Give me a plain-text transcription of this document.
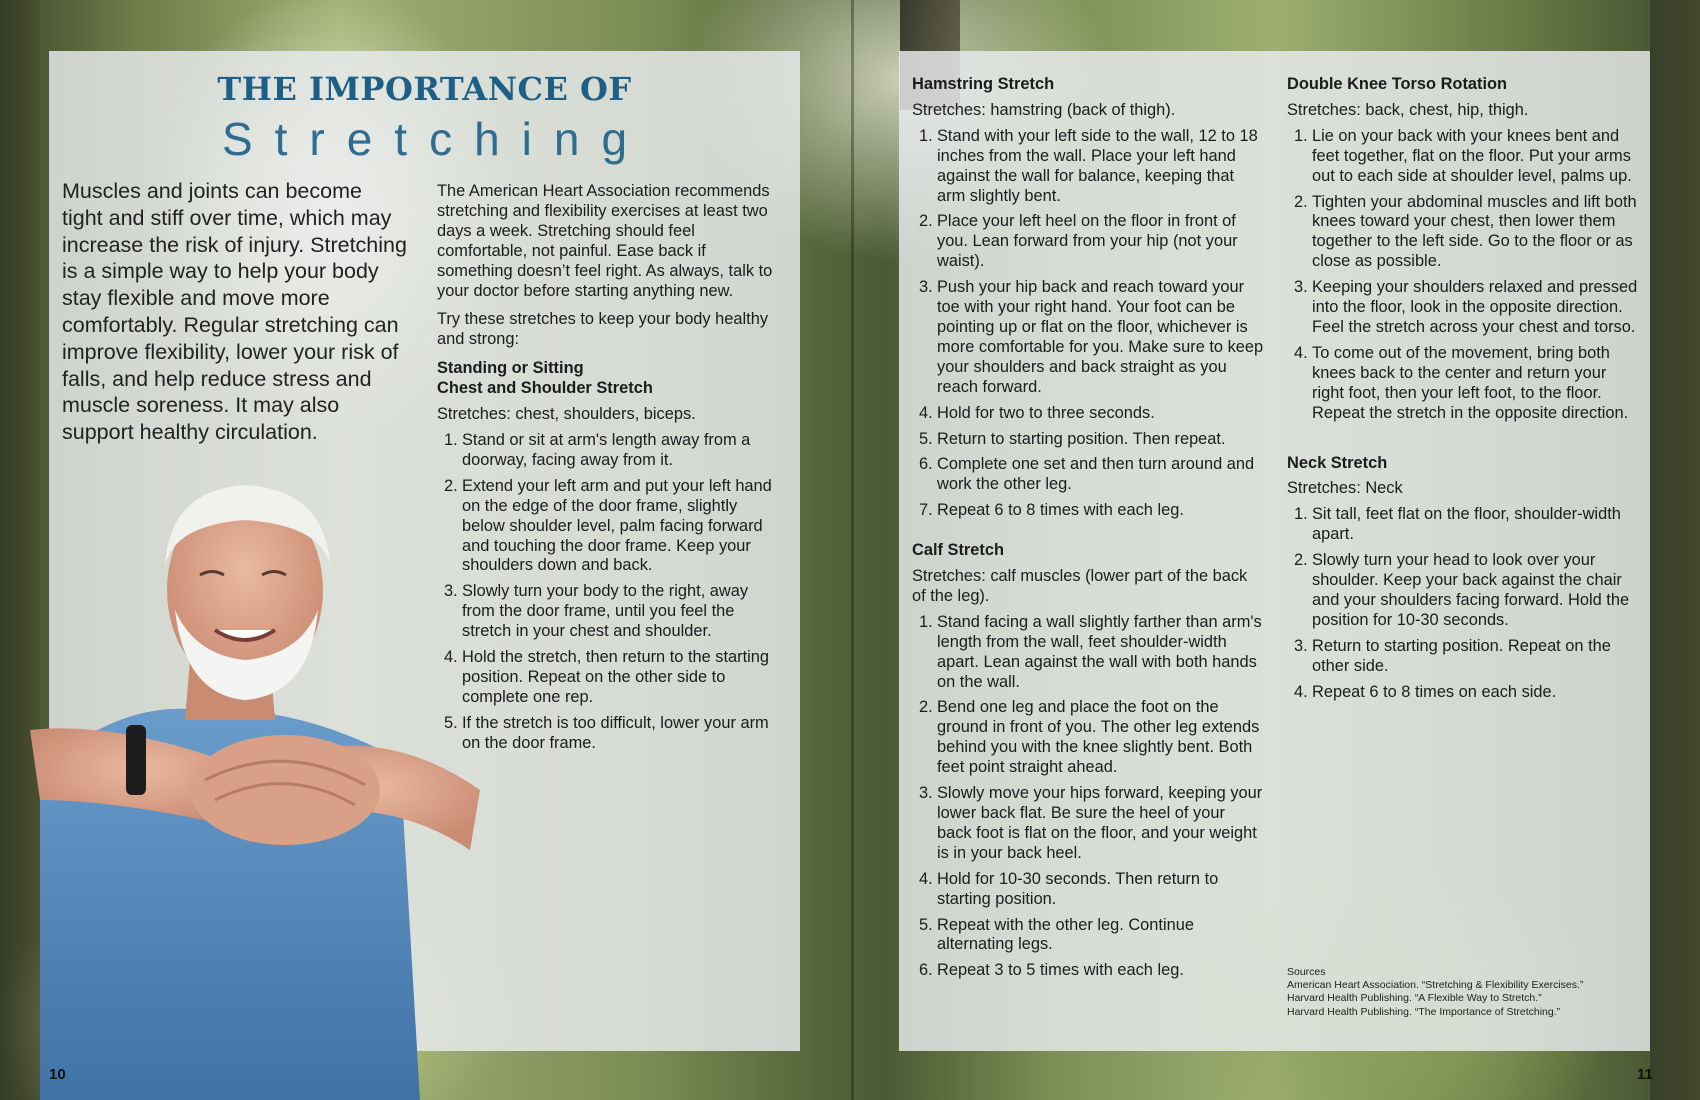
THE IMPORTANCE OF
Stretching
Muscles and joints can become tight and stiff over time, which may increase the risk of injury. Stretching is a simple way to help your body stay flexible and move more comfortably. Regular stretching can improve flexibility, lower your risk of falls, and help reduce stress and muscle soreness. It may also support healthy circulation.

The American Heart Association recommends stretching and flexibility exercises at least two days a week. Stretching should feel comfortable, not painful. Ease back if something doesn’t feel right. As always, talk to your doctor before starting anything new.

Try these stretches to keep your body healthy and strong:

Standing or Sitting
Chest and Shoulder Stretch
Stretches: chest, shoulders, biceps.
1. Stand or sit at arm's length away from a doorway, facing away from it.
2. Extend your left arm and put your left hand on the edge of the door frame, slightly below shoulder level, palm facing forward and touching the door frame. Keep your shoulders down and back.
3. Slowly turn your body to the right, away from the door frame, until you feel the stretch in your chest and shoulder.
4. Hold the stretch, then return to the starting position. Repeat on the other side to complete one rep.
5. If the stretch is too difficult, lower your arm on the door frame.
Hamstring Stretch
Stretches: hamstring (back of thigh).
1. Stand with your left side to the wall, 12 to 18 inches from the wall. Place your left hand against the wall for balance, keeping that arm slightly bent.
2. Place your left heel on the floor in front of you. Lean forward from your hip (not your waist).
3. Push your hip back and reach toward your toe with your right hand. Your foot can be pointing up or flat on the floor, whichever is more comfortable for you. Make sure to keep your shoulders and back straight as you reach forward.
4. Hold for two to three seconds.
5. Return to starting position. Then repeat.
6. Complete one set and then turn around and work the other leg.
7. Repeat 6 to 8 times with each leg.
Calf Stretch
Stretches: calf muscles (lower part of the back of the leg).
1. Stand facing a wall slightly farther than arm's length from the wall, feet shoulder-width apart. Lean against the wall with both hands on the wall.
2. Bend one leg and place the foot on the ground in front of you. The other leg extends behind you with the knee slightly bent. Both feet point straight ahead.
3. Slowly move your hips forward, keeping your lower back flat. Be sure the heel of your back foot is flat on the floor, and your weight is in your back heel.
4. Hold for 10-30 seconds. Then return to starting position.
5. Repeat with the other leg. Continue alternating legs.
6. Repeat 3 to 5 times with each leg.
Double Knee Torso Rotation
Stretches: back, chest, hip, thigh.
1. Lie on your back with your knees bent and feet together, flat on the floor. Put your arms out to each side at shoulder level, palms up.
2. Tighten your abdominal muscles and lift both knees toward your chest, then lower them together to the left side. Go to the floor or as close as possible.
3. Keeping your shoulders relaxed and pressed into the floor, look in the opposite direction. Feel the stretch across your chest and torso.
4. To come out of the movement, bring both knees back to the center and return your right foot, then your left foot, to the floor. Repeat the stretch in the opposite direction.
Neck Stretch
Stretches: Neck
1. Sit tall, feet flat on the floor, shoulder-width apart.
2. Slowly turn your head to look over your shoulder. Keep your back against the chair and your shoulders facing forward. Hold the position for 10-30 seconds.
3. Return to starting position. Repeat on the other side.
4. Repeat 6 to 8 times on each side.
Sources
American Heart Association. “Stretching & Flexibility Exercises.”
Harvard Health Publishing. “A Flexible Way to Stretch.”
Harvard Health Publishing. “The Importance of Stretching.”
10	11
